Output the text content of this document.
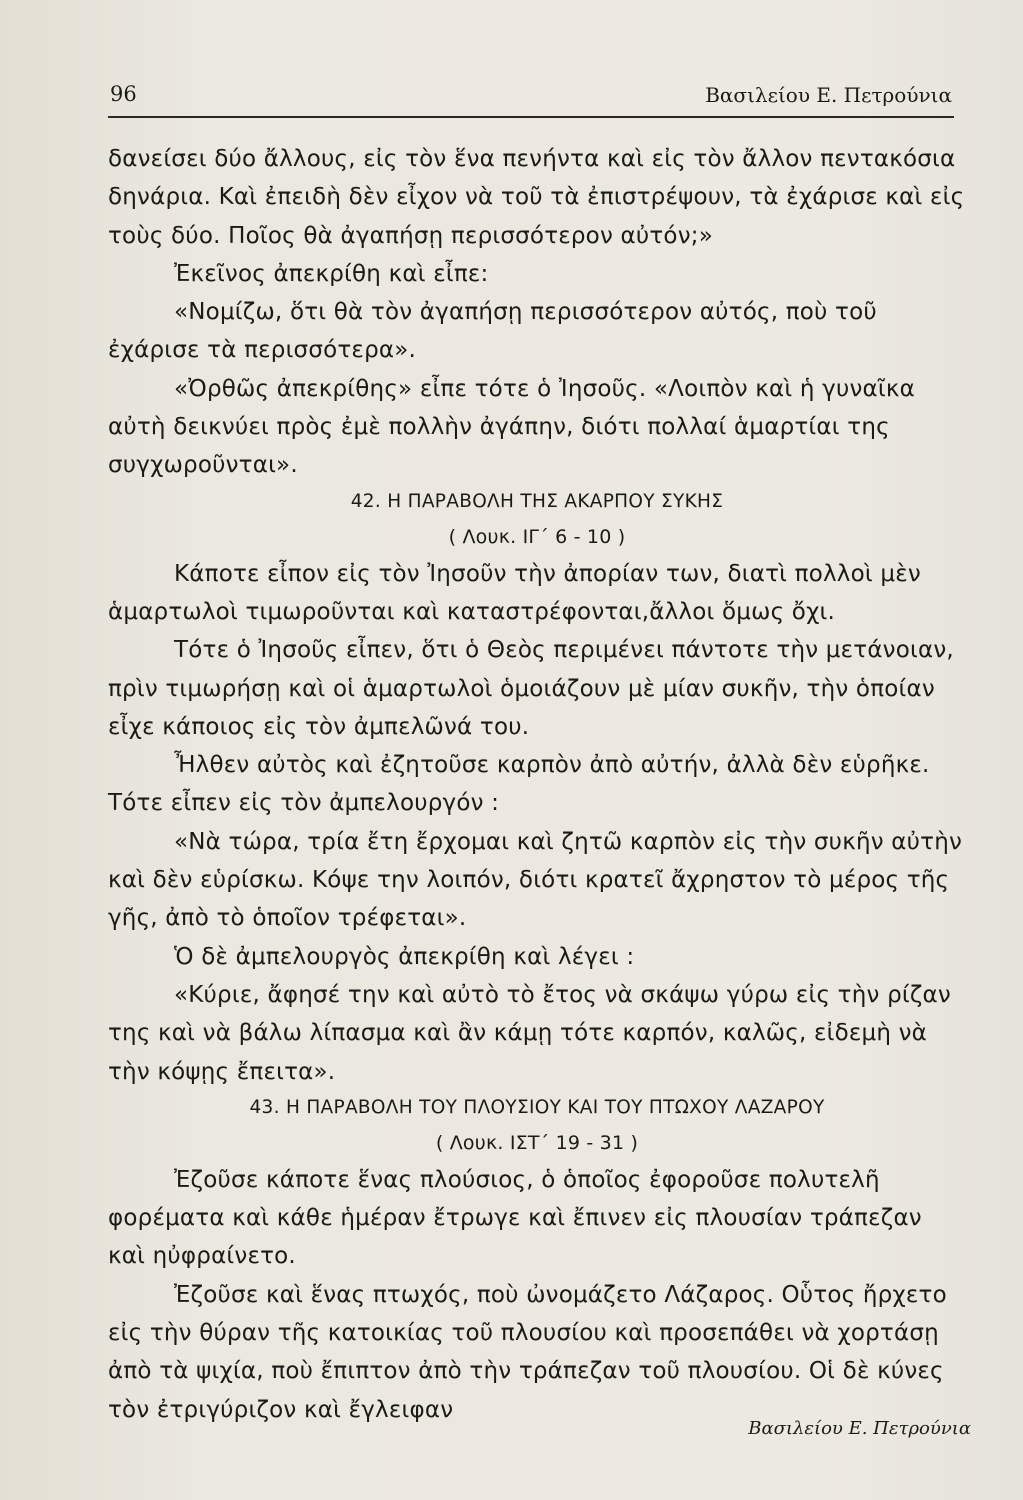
96	Βασιλείου Ε. Πετρούνια

δανείσει δύο ἄλλους, εἰς τὸν ἕνα πενήντα καὶ εἰς τὸν ἄλλον πεντακόσια δηνάρια. Καὶ ἐπειδὴ δὲν εἶχον νὰ τοῦ τὰ ἐπιστρέψουν, τὰ ἐχάρισε καὶ εἰς τοὺς δύο. Ποῖος θὰ ἀγαπήσῃ περισσότερον αὐτόν;»

Ἐκεῖνος ἀπεκρίθη καὶ εἶπε:

«Νομίζω, ὅτι θὰ τὸν ἀγαπήσῃ περισσότερον αὐτός, ποὺ τοῦ ἐχάρισε τὰ περισσότερα».

«Ὀρθῶς ἀπεκρίθης» εἶπε τότε ὁ Ἰησοῦς. «Λοιπὸν καὶ ἡ γυναῖκα αὐτὴ δεικνύει πρὸς ἐμὲ πολλὴν ἀγάπην, διότι πολλαί ἁμαρτίαι της συγχωροῦνται».

42. Η ΠΑΡΑΒΟΛΗ ΤΗΣ ΑΚΑΡΠΟΥ ΣΥΚΗΣ

( Λουκ. ΙΓ΄ 6 - 10 )

Κάποτε εἶπον εἰς τὸν Ἰησοῦν τὴν ἀπορίαν των, διατὶ πολλοὶ μὲν ἁμαρτωλοὶ τιμωροῦνται καὶ καταστρέφονται,ἄλλοι ὅμως ὄχι.

Τότε ὁ Ἰησοῦς εἶπεν, ὅτι ὁ Θεὸς περιμένει πάντοτε τὴν μετάνοιαν, πρὶν τιμωρήσῃ καὶ οἱ ἁμαρτωλοὶ ὁμοιάζουν μὲ μίαν συκῆν, τὴν ὁποίαν εἶχε κάποιος εἰς τὸν ἀμπελῶνά του.

Ἦλθεν αὐτὸς καὶ ἐζητοῦσε καρπὸν ἀπὸ αὐτήν, ἀλλὰ δὲν εὑρῆκε. Τότε εἶπεν εἰς τὸν ἀμπελουργόν :

«Νὰ τώρα, τρία ἔτη ἔρχομαι καὶ ζητῶ καρπὸν εἰς τὴν συκῆν αὐτὴν καὶ δὲν εὑρίσκω. Κόψε την λοιπόν, διότι κρατεῖ ἄχρηστον τὸ μέρος τῆς γῆς, ἀπὸ τὸ ὁποῖον τρέφεται».

Ὁ δὲ ἀμπελουργὸς ἀπεκρίθη καὶ λέγει :

«Κύριε, ἄφησέ την καὶ αὐτὸ τὸ ἔτος νὰ σκάψω γύρω εἰς τὴν ρίζαν της καὶ νὰ βάλω λίπασμα καὶ ἂν κάμῃ τότε καρπόν, καλῶς, εἰδεμὴ νὰ τὴν κόψῃς ἔπειτα».

43. Η ΠΑΡΑΒΟΛΗ ΤΟΥ ΠΛΟΥΣΙΟΥ ΚΑΙ ΤΟΥ ΠΤΩΧΟΥ ΛΑΖΑΡΟΥ

( Λουκ. ΙΣΤ΄ 19 - 31 )

Ἐζοῦσε κάποτε ἕνας πλούσιος, ὁ ὁποῖος ἐφοροῦσε πολυτελῆ φορέματα καὶ κάθε ἡμέραν ἔτρωγε καὶ ἔπινεν εἰς πλουσίαν τράπεζαν καὶ ηὐφραίνετο.

Ἐζοῦσε καὶ ἕνας πτωχός, ποὺ ὠνομάζετο Λάζαρος. Οὗτος ἤρχετο εἰς τὴν θύραν τῆς κατοικίας τοῦ πλουσίου καὶ προσεπάθει νὰ χορτάσῃ ἀπὸ τὰ ψιχία, ποὺ ἔπιπτον ἀπὸ τὴν τράπεζαν τοῦ πλουσίου. Οἱ δὲ κύνες τὸν ἐτριγύριζον καὶ ἔγλειφαν

Βασιλείου Ε. Πετρούνια
